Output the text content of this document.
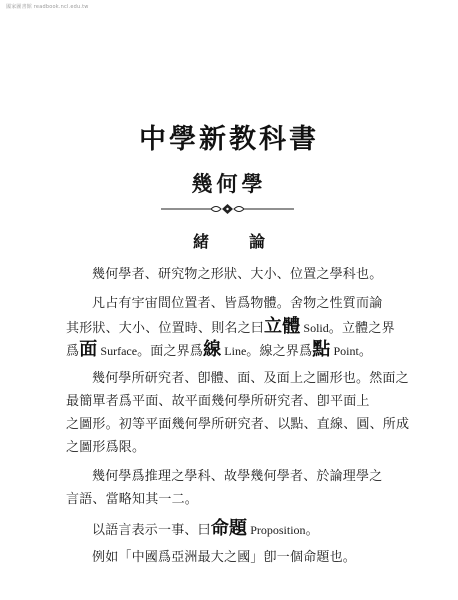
國家圖書館 readbook.ncl.edu.tw
中學新教科書
幾何學
緒	論
幾何學者、研究物之形狀、大小、位置之學科也。
凡占有宇宙間位置者、皆爲物體。舍物之性質而論
其形狀、大小、位置時、則名之曰立體 Solid。立體之界
爲面 Surface。面之界爲線 Line。線之界爲點 Point。
幾何學所研究者、卽體、面、及面上之圖形也。然面之
最簡單者爲平面、故平面幾何學所研究者、卽平面上
之圖形。初等平面幾何學所研究者、以點、直線、圓、所成
之圖形爲限。
幾何學爲推理之學科、故學幾何學者、於論理學之
言語、當略知其一二。
以語言表示一事、曰命題 Proposition。
例如「中國爲亞洲最大之國」卽一個命題也。
